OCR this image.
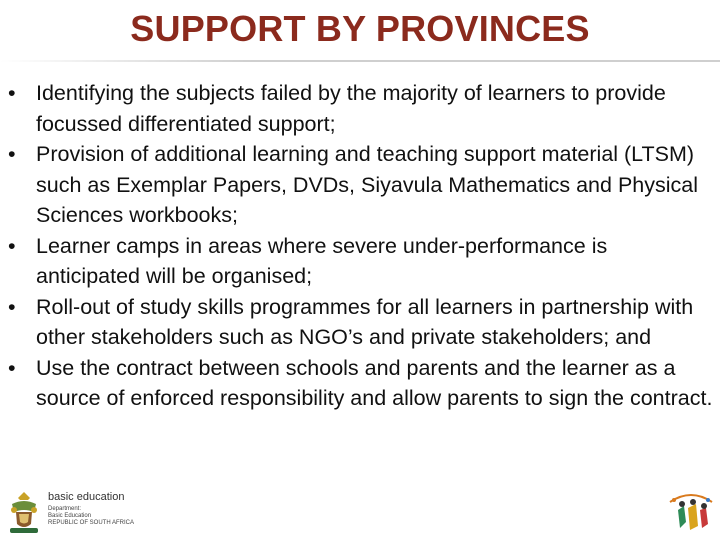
SUPPORT BY PROVINCES
• Identifying the subjects failed by the majority of learners to provide focussed differentiated support;
• Provision of additional learning and teaching support material (LTSM) such as Exemplar Papers, DVDs, Siyavula Mathematics and Physical Sciences workbooks;
• Learner camps in areas where severe under-performance is anticipated will be organised;
• Roll-out of study skills programmes for all learners in partnership with other stakeholders such as NGO’s and private stakeholders; and
• Use the contract between schools and parents and the learner as a source of enforced responsibility and allow parents to sign the contract.
basic education
Department:
Basic Education
REPUBLIC OF SOUTH AFRICA
